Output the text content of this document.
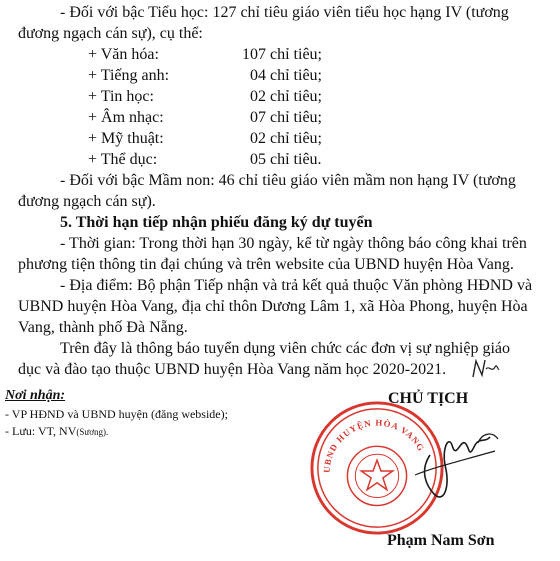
- Đối với bậc Tiểu học: 127 chỉ tiêu giáo viên tiểu học hạng IV (tương
đương ngạch cán sự), cụ thể:
+ Văn hóa:	107 chỉ tiêu;
+ Tiếng anh:	04 chỉ tiêu;
+ Tin học:	02 chỉ tiêu;
+ Âm nhạc:	07 chỉ tiêu;
+ Mỹ thuật:	02 chỉ tiêu;
+ Thể dục:	05 chỉ tiêu.
- Đối với bậc Mầm non: 46 chỉ tiêu giáo viên mầm non hạng IV (tương
đương ngạch cán sự).
5. Thời hạn tiếp nhận phiếu đăng ký dự tuyển
- Thời gian: Trong thời hạn 30 ngày, kể từ ngày thông báo công khai trên
phương tiện thông tin đại chúng và trên website của UBND huyện Hòa Vang.
- Địa điểm: Bộ phận Tiếp nhận và trả kết quả thuộc Văn phòng HĐND và
UBND huyện Hòa Vang, địa chỉ thôn Dương Lâm 1, xã Hòa Phong, huyện Hòa
Vang, thành phố Đà Nẵng.
Trên đây là thông báo tuyển dụng viên chức các đơn vị sự nghiệp giáo
dục và đào tạo thuộc UBND huyện Hòa Vang năm học 2020-2021.
Nơi nhận:
- VP HĐND và UBND huyện (đăng webside);
- Lưu: VT, NV(Sương).
CHỦ TỊCH
UBND HUYỆN HÒA VANG
Phạm Nam Sơn
